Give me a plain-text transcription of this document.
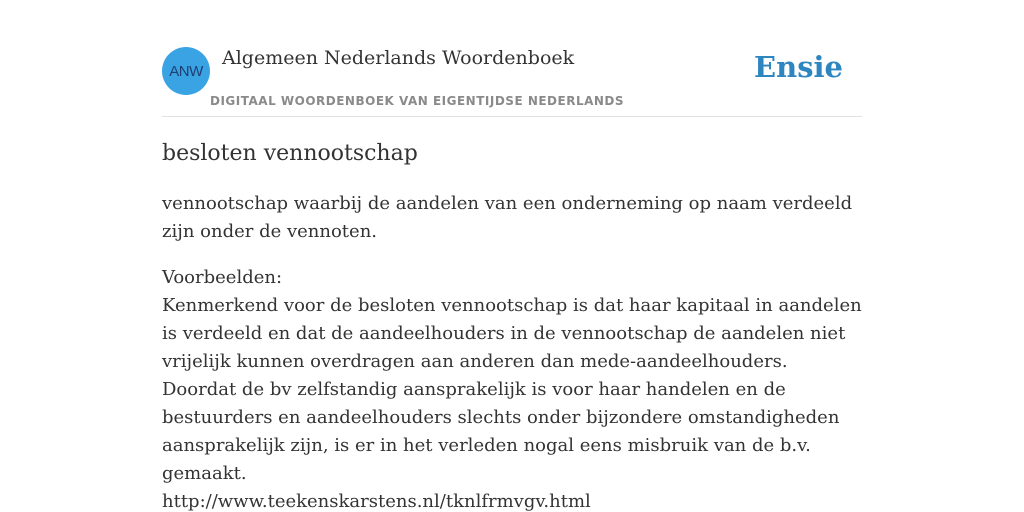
ANW
Algemeen Nederlands Woordenboek
DIGITAAL WOORDENBOEK VAN EIGENTIJDSE NEDERLANDS
Ensie
besloten vennootschap

vennootschap waarbij de aandelen van een onderneming op naam verdeeld zijn onder de vennoten.

Voorbeelden:
Kenmerkend voor de besloten vennootschap is dat haar kapitaal in aandelen is verdeeld en dat de aandeelhouders in de vennootschap de aandelen niet vrijelijk kunnen overdragen aan anderen dan mede-aandeelhouders. Doordat de bv zelfstandig aansprakelijk is voor haar handelen en de bestuurders en aandeelhouders slechts onder bijzondere omstandigheden aansprakelijk zijn, is er in het verleden nogal eens misbruik van de b.v. gemaakt.
http://www.teekenskarstens.nl/tknlfrmvgv.html
